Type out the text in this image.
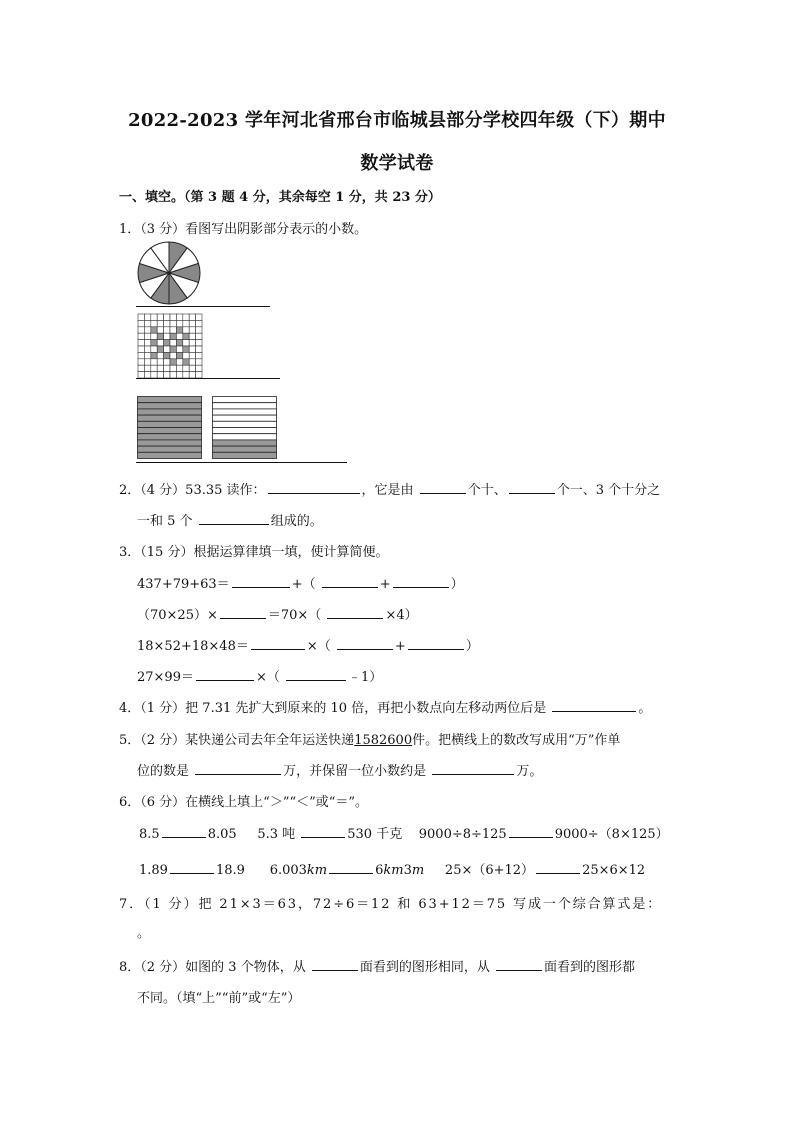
2022-2023 学年河北省邢台市临城县部分学校四年级（下）期中
数学试卷
一、填空。（第 3 题 4 分，其余每空 1 分，共 23 分）
1．（3 分）看图写出阴影部分表示的小数。
2．（4 分）53.35 读作：	，它是由	个十、	个一、3 个十分之
一和 5 个	组成的。
3．（15 分）根据运算律填一填，使计算简便。
437+79+63＝	+（	+	）
（70×25）×	＝70×（	×4）
18×52+18×48＝	×（	+	）
27×99＝	×（	﹣1）
4．（1 分）把 7.31 先扩大到原来的 10 倍，再把小数点向左移动两位后是	。
5．（2 分）某快递公司去年全年运送快递1582600件。把横线上的数改写成用“万”作单
位的数是	万，并保留一位小数约是	万。
6．（6 分）在横线上填上“＞”“＜”或“＝”。
8.5	8.05 5.3 吨	530 千克 9000÷8÷125	9000÷（8×125）
1.89	18.9 6.003km	6km3m 25×（6+12）	25×6×12
7．（1 分）把 21×3＝63，72÷6＝12 和 63+12＝75 写成一个综合算式是：
。
8．（2 分）如图的 3 个物体，从	面看到的图形相同，从	面看到的图形都
不同。（填“上”“前”或“左”）
